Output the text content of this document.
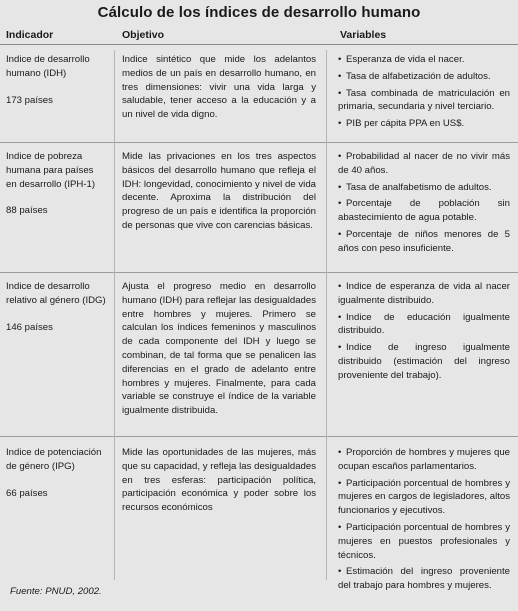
Cálculo de los índices de desarrollo humano
Indicador	Objetivo	Variables
Indice de desarrollo humano (IDH)
173 países
Indice sintético que mide los adelantos medios de un país en desarrollo humano, en tres dimensiones: vivir una vida larga y saludable, tener acceso a la educación y a un nivel de vida digno.
• Esperanza de vida el nacer.
• Tasa de alfabetización de adultos.
• Tasa combinada de matriculación en primaria, secundaria y nivel terciario.
• PIB per cápita PPA en US$.
Indice de pobreza humana para países en desarrollo (IPH-1)
88 países
Mide las privaciones en los tres aspectos básicos del desarrollo humano que refleja el IDH: longevidad, conocimiento y nivel de vida decente. Aproxima la distribución del progreso de un país e identifica la proporción de personas que vive con carencias básicas.
• Probabilidad al nacer de no vivir más de 40 años.
• Tasa de analfabetismo de adultos.
• Porcentaje de población sin abastecimiento de agua potable.
• Porcentaje de niños menores de 5 años con peso insuficiente.
Indice de desarrollo relativo al género (IDG)
146 países
Ajusta el progreso medio en desarrollo humano (IDH) para reflejar las desigualdades entre hombres y mujeres. Primero se calculan los índices femeninos y masculinos de cada componente del IDH y luego se combinan, de tal forma que se penalicen las diferencias en el grado de adelanto entre hombres y mujeres. Finalmente, para cada variable se construye el índice de la variable igualmente distribuida.
• Indice de esperanza de vida al nacer igualmente distribuido.
• Indice de educación igualmente distribuido.
• Indice de ingreso igualmente distribuido (estimación del ingreso proveniente del trabajo).
Indice de potenciación de género (IPG)
66 países
Mide las oportunidades de las mujeres, más que su capacidad, y refleja las desigualdades en tres esferas: participación política, participación económica y poder sobre los recursos económicos
• Proporción de hombres y mujeres que ocupan escaños parlamentarios.
• Participación porcentual de hombres y mujeres en cargos de legisladores, altos funcionarios y ejecutivos.
• Participación porcentual de hombres y mujeres en puestos profesionales y técnicos.
• Estimación del ingreso proveniente del trabajo para hombres y mujeres.
Fuente: PNUD, 2002.
